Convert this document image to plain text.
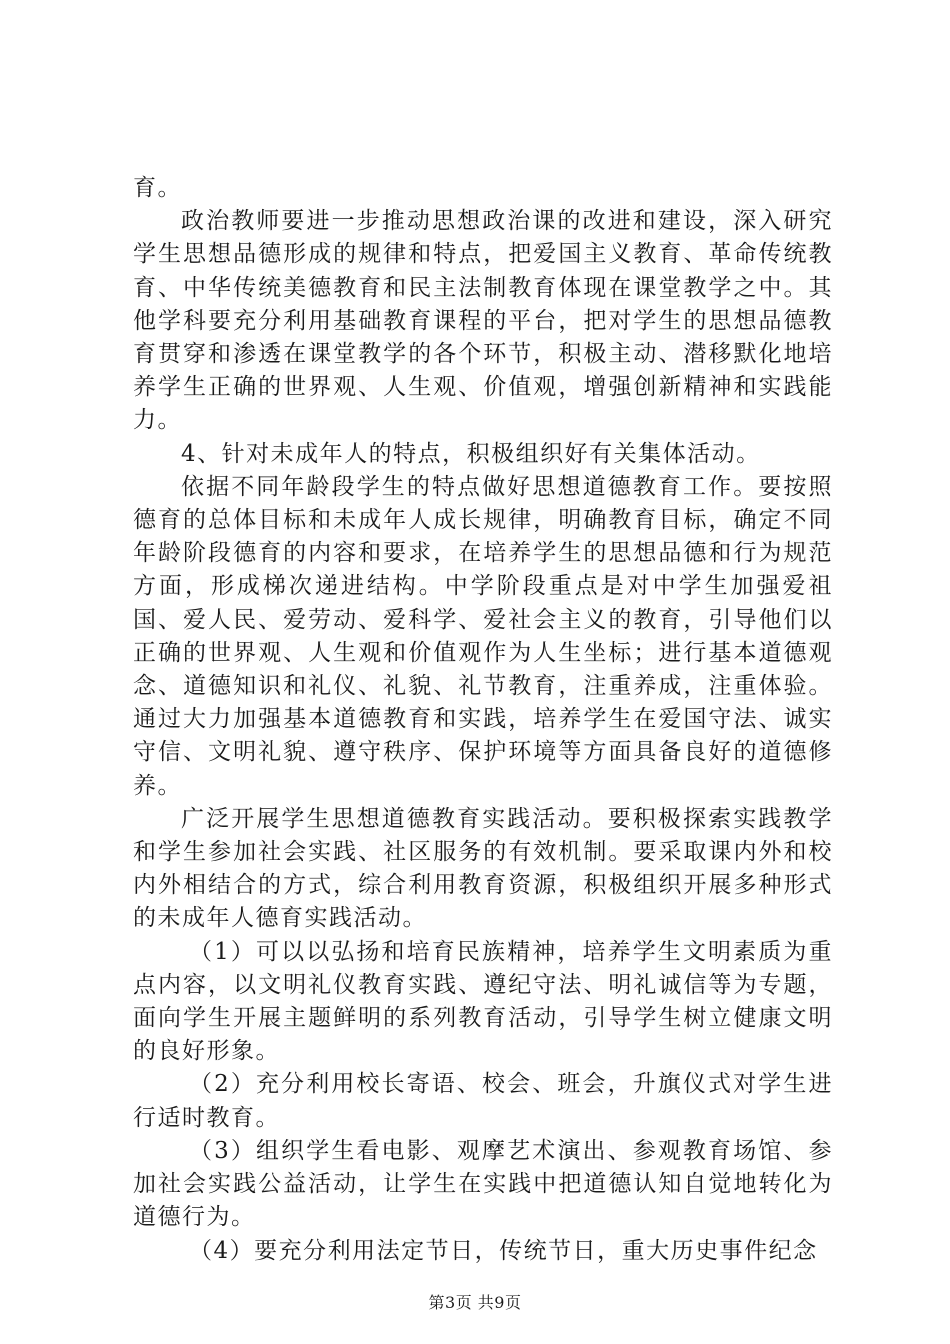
育。

政治教师要进一步推动思想政治课的改进和建设，深入研究学生思想品德形成的规律和特点，把爱国主义教育、革命传统教育、中华传统美德教育和民主法制教育体现在课堂教学之中。其他学科要充分利用基础教育课程的平台，把对学生的思想品德教育贯穿和渗透在课堂教学的各个环节，积极主动、潜移默化地培养学生正确的世界观、人生观、价值观，增强创新精神和实践能力。

4、针对未成年人的特点，积极组织好有关集体活动。

依据不同年龄段学生的特点做好思想道德教育工作。要按照德育的总体目标和未成年人成长规律，明确教育目标，确定不同年龄阶段德育的内容和要求，在培养学生的思想品德和行为规范方面，形成梯次递进结构。中学阶段重点是对中学生加强爱祖国、爱人民、爱劳动、爱科学、爱社会主义的教育，引导他们以正确的世界观、人生观和价值观作为人生坐标；进行基本道德观念、道德知识和礼仪、礼貌、礼节教育，注重养成，注重体验。通过大力加强基本道德教育和实践，培养学生在爱国守法、诚实守信、文明礼貌、遵守秩序、保护环境等方面具备良好的道德修养。

广泛开展学生思想道德教育实践活动。要积极探索实践教学和学生参加社会实践、社区服务的有效机制。要采取课内外和校内外相结合的方式，综合利用教育资源，积极组织开展多种形式的未成年人德育实践活动。

（1）可以以弘扬和培育民族精神，培养学生文明素质为重点内容，以文明礼仪教育实践、遵纪守法、明礼诚信等为专题，面向学生开展主题鲜明的系列教育活动，引导学生树立健康文明的良好形象。

（2）充分利用校长寄语、校会、班会，升旗仪式对学生进行适时教育。

（3）组织学生看电影、观摩艺术演出、参观教育场馆、参加社会实践公益活动，让学生在实践中把道德认知自觉地转化为道德行为。

（4）要充分利用法定节日，传统节日，重大历史事件纪念

第3页 共9页
